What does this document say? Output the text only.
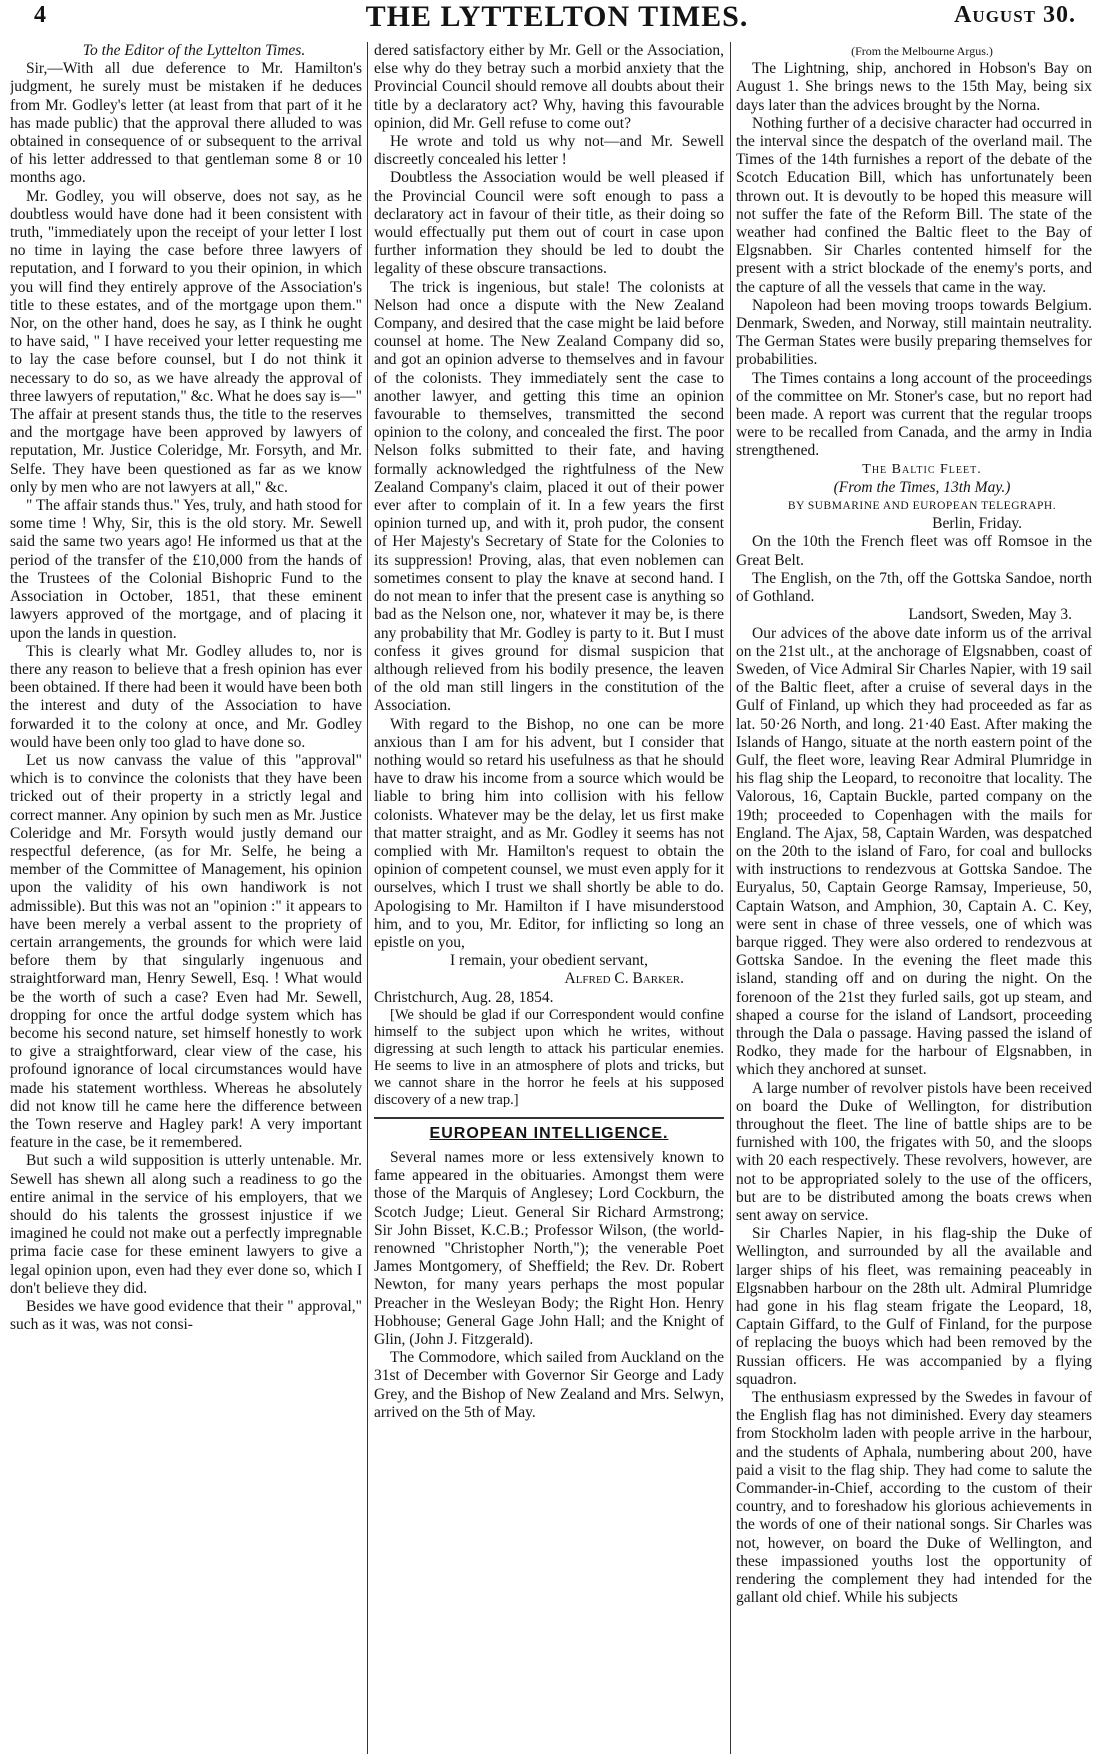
4	THE LYTTELTON TIMES.	August 30.

To the Editor of the Lyttelton Times.

Sir,—With all due deference to Mr. Hamilton's judgment, he surely must be mistaken if he deduces from Mr. Godley's letter (at least from that part of it he has made public) that the approval there alluded to was obtained in consequence of or subsequent to the arrival of his letter addressed to that gentleman some 8 or 10 months ago.

Mr. Godley, you will observe, does not say, as he doubtless would have done had it been consistent with truth, "immediately upon the receipt of your letter I lost no time in laying the case before three lawyers of reputation, and I forward to you their opinion, in which you will find they entirely approve of the Association's title to these estates, and of the mortgage upon them." Nor, on the other hand, does he say, as I think he ought to have said, " I have received your letter requesting me to lay the case before counsel, but I do not think it necessary to do so, as we have already the approval of three lawyers of reputation," &c. What he does say is—" The affair at present stands thus, the title to the reserves and the mortgage have been approved by lawyers of reputation, Mr. Justice Coleridge, Mr. Forsyth, and Mr. Selfe. They have been questioned as far as we know only by men who are not lawyers at all," &c.

" The affair stands thus." Yes, truly, and hath stood for some time ! Why, Sir, this is the old story. Mr. Sewell said the same two years ago! He informed us that at the period of the transfer of the £10,000 from the hands of the Trustees of the Colonial Bishopric Fund to the Association in October, 1851, that these eminent lawyers approved of the mortgage, and of placing it upon the lands in question.

This is clearly what Mr. Godley alludes to, nor is there any reason to believe that a fresh opinion has ever been obtained. If there had been it would have been both the interest and duty of the Association to have forwarded it to the colony at once, and Mr. Godley would have been only too glad to have done so.

Let us now canvass the value of this "approval" which is to convince the colonists that they have been tricked out of their property in a strictly legal and correct manner. Any opinion by such men as Mr. Justice Coleridge and Mr. Forsyth would justly demand our respectful deference, (as for Mr. Selfe, he being a member of the Committee of Management, his opinion upon the validity of his own handiwork is not admissible). But this was not an "opinion :" it appears to have been merely a verbal assent to the propriety of certain arrangements, the grounds for which were laid before them by that singularly ingenuous and straightforward man, Henry Sewell, Esq. ! What would be the worth of such a case? Even had Mr. Sewell, dropping for once the artful dodge system which has become his second nature, set himself honestly to work to give a straightforward, clear view of the case, his profound ignorance of local circumstances would have made his statement worthless. Whereas he absolutely did not know till he came here the difference between the Town reserve and Hagley park! A very important feature in the case, be it remembered.

But such a wild supposition is utterly untenable. Mr. Sewell has shewn all along such a readiness to go the entire animal in the service of his employers, that we should do his talents the grossest injustice if we imagined he could not make out a perfectly impregnable prima facie case for these eminent lawyers to give a legal opinion upon, even had they ever done so, which I don't believe they did.

Besides we have good evidence that their " approval," such as it was, was not consi-

dered satisfactory either by Mr. Gell or the Association, else why do they betray such a morbid anxiety that the Provincial Council should remove all doubts about their title by a declaratory act? Why, having this favourable opinion, did Mr. Gell refuse to come out?

He wrote and told us why not—and Mr. Sewell discreetly concealed his letter !

Doubtless the Association would be well pleased if the Provincial Council were soft enough to pass a declaratory act in favour of their title, as their doing so would effectually put them out of court in case upon further information they should be led to doubt the legality of these obscure transactions.

The trick is ingenious, but stale! The colonists at Nelson had once a dispute with the New Zealand Company, and desired that the case might be laid before counsel at home. The New Zealand Company did so, and got an opinion adverse to themselves and in favour of the colonists. They immediately sent the case to another lawyer, and getting this time an opinion favourable to themselves, transmitted the second opinion to the colony, and concealed the first. The poor Nelson folks submitted to their fate, and having formally acknowledged the rightfulness of the New Zealand Company's claim, placed it out of their power ever after to complain of it. In a few years the first opinion turned up, and with it, proh pudor, the consent of Her Majesty's Secretary of State for the Colonies to its suppression! Proving, alas, that even noblemen can sometimes consent to play the knave at second hand. I do not mean to infer that the present case is anything so bad as the Nelson one, nor, whatever it may be, is there any probability that Mr. Godley is party to it. But I must confess it gives ground for dismal suspicion that although relieved from his bodily presence, the leaven of the old man still lingers in the constitution of the Association.

With regard to the Bishop, no one can be more anxious than I am for his advent, but I consider that nothing would so retard his usefulness as that he should have to draw his income from a source which would be liable to bring him into collision with his fellow colonists. Whatever may be the delay, let us first make that matter straight, and as Mr. Godley it seems has not complied with Mr. Hamilton's request to obtain the opinion of competent counsel, we must even apply for it ourselves, which I trust we shall shortly be able to do. Apologising to Mr. Hamilton if I have misunderstood him, and to you, Mr. Editor, for inflicting so long an epistle on you,

I remain, your obedient servant,

Alfred C. Barker.

Christchurch, Aug. 28, 1854.

[We should be glad if our Correspondent would confine himself to the subject upon which he writes, without digressing at such length to attack his particular enemies. He seems to live in an atmosphere of plots and tricks, but we cannot share in the horror he feels at his supposed discovery of a new trap.]

EUROPEAN INTELLIGENCE.

Several names more or less extensively known to fame appeared in the obituaries. Amongst them were those of the Marquis of Anglesey; Lord Cockburn, the Scotch Judge; Lieut. General Sir Richard Armstrong; Sir John Bisset, K.C.B.; Professor Wilson, (the world-renowned "Christopher North,"); the venerable Poet James Montgomery, of Sheffield; the Rev. Dr. Robert Newton, for many years perhaps the most popular Preacher in the Wesleyan Body; the Right Hon. Henry Hobhouse; General Gage John Hall; and the Knight of Glin, (John J. Fitzgerald).

The Commodore, which sailed from Auckland on the 31st of December with Governor Sir George and Lady Grey, and the Bishop of New Zealand and Mrs. Selwyn, arrived on the 5th of May.

(From the Melbourne Argus.)

The Lightning, ship, anchored in Hobson's Bay on August 1. She brings news to the 15th May, being six days later than the advices brought by the Norna.

Nothing further of a decisive character had occurred in the interval since the despatch of the overland mail. The Times of the 14th furnishes a report of the debate of the Scotch Education Bill, which has unfortunately been thrown out. It is devoutly to be hoped this measure will not suffer the fate of the Reform Bill. The state of the weather had confined the Baltic fleet to the Bay of Elgsnabben. Sir Charles contented himself for the present with a strict blockade of the enemy's ports, and the capture of all the vessels that came in the way.

Napoleon had been moving troops towards Belgium. Denmark, Sweden, and Norway, still maintain neutrality. The German States were busily preparing themselves for probabilities.

The Times contains a long account of the proceedings of the committee on Mr. Stoner's case, but no report had been made. A report was current that the regular troops were to be recalled from Canada, and the army in India strengthened.

The Baltic Fleet.

(From the Times, 13th May.)

BY SUBMARINE AND EUROPEAN TELEGRAPH.

Berlin, Friday.

On the 10th the French fleet was off Romsoe in the Great Belt.

The English, on the 7th, off the Gottska Sandoe, north of Gothland.

Landsort, Sweden, May 3.

Our advices of the above date inform us of the arrival on the 21st ult., at the anchorage of Elgsnabben, coast of Sweden, of Vice Admiral Sir Charles Napier, with 19 sail of the Baltic fleet, after a cruise of several days in the Gulf of Finland, up which they had proceeded as far as lat. 50·26 North, and long. 21·40 East. After making the Islands of Hango, situate at the north eastern point of the Gulf, the fleet wore, leaving Rear Admiral Plumridge in his flag ship the Leopard, to reconoitre that locality. The Valorous, 16, Captain Buckle, parted company on the 19th; proceeded to Copenhagen with the mails for England. The Ajax, 58, Captain Warden, was despatched on the 20th to the island of Faro, for coal and bullocks with instructions to rendezvous at Gottska Sandoe. The Euryalus, 50, Captain George Ramsay, Imperieuse, 50, Captain Watson, and Amphion, 30, Captain A. C. Key, were sent in chase of three vessels, one of which was barque rigged. They were also ordered to rendezvous at Gottska Sandoe. In the evening the fleet made this island, standing off and on during the night. On the forenoon of the 21st they furled sails, got up steam, and shaped a course for the island of Landsort, proceeding through the Dala o passage. Having passed the island of Rodko, they made for the harbour of Elgsnabben, in which they anchored at sunset.

A large number of revolver pistols have been received on board the Duke of Wellington, for distribution throughout the fleet. The line of battle ships are to be furnished with 100, the frigates with 50, and the sloops with 20 each respectively. These revolvers, however, are not to be appropriated solely to the use of the officers, but are to be distributed among the boats crews when sent away on service.

Sir Charles Napier, in his flag-ship the Duke of Wellington, and surrounded by all the available and larger ships of his fleet, was remaining peaceably in Elgsnabben harbour on the 28th ult. Admiral Plumridge had gone in his flag steam frigate the Leopard, 18, Captain Giffard, to the Gulf of Finland, for the purpose of replacing the buoys which had been removed by the Russian officers. He was accompanied by a flying squadron.

The enthusiasm expressed by the Swedes in favour of the English flag has not diminished. Every day steamers from Stockholm laden with people arrive in the harbour, and the students of Aphala, numbering about 200, have paid a visit to the flag ship. They had come to salute the Commander-in-Chief, according to the custom of their country, and to foreshadow his glorious achievements in the words of one of their national songs. Sir Charles was not, however, on board the Duke of Wellington, and these impassioned youths lost the opportunity of rendering the complement they had intended for the gallant old chief. While his subjects
